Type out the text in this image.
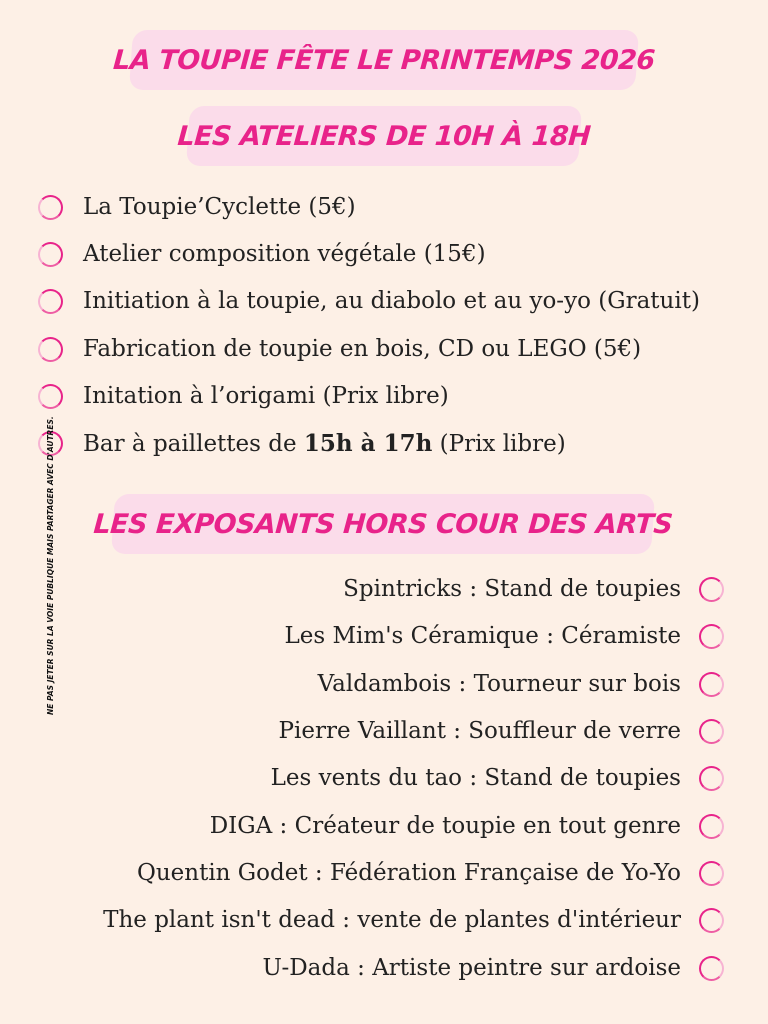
LA TOUPIE FÊTE LE PRINTEMPS 2026
LES ATELIERS DE 10H À 18H
La Toupie’Cyclette (5€)
Atelier composition végétale (15€)
Initiation à la toupie, au diabolo et au yo-yo (Gratuit)
Fabrication de toupie en bois, CD ou LEGO (5€)
Initation à l’origami (Prix libre)
Bar à paillettes de 15h à 17h (Prix libre)
LES EXPOSANTS HORS COUR DES ARTS
NE PAS JETER SUR LA VOIE PUBLIQUE MAIS PARTAGER AVEC D'AUTRES.	Spintricks : Stand de toupies
Les Mim's Céramique : Céramiste
Valdambois : Tourneur sur bois
Pierre Vaillant : Souffleur de verre
Les vents du tao : Stand de toupies
DIGA : Créateur de toupie en tout genre
Quentin Godet : Fédération Française de Yo-Yo
The plant isn't dead : vente de plantes d'intérieur
U-Dada : Artiste peintre sur ardoise
